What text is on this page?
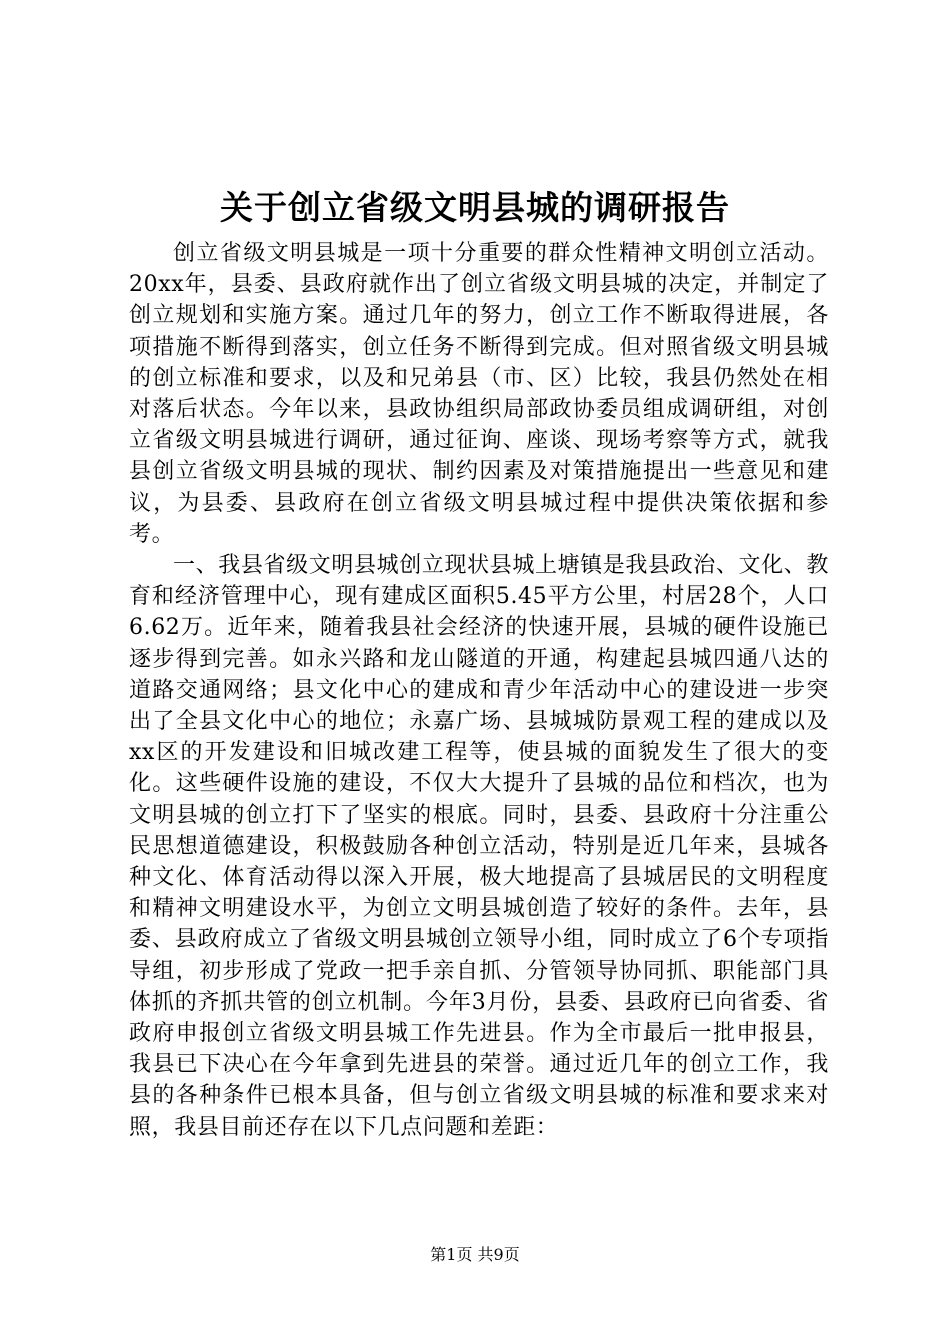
关于创立省级文明县城的调研报告

创立省级文明县城是一项十分重要的群众性精神文明创立活动。20xx年，县委、县政府就作出了创立省级文明县城的决定，并制定了创立规划和实施方案。通过几年的努力，创立工作不断取得进展，各项措施不断得到落实，创立任务不断得到完成。但对照省级文明县城的创立标准和要求，以及和兄弟县（市、区）比较，我县仍然处在相对落后状态。今年以来，县政协组织局部政协委员组成调研组，对创立省级文明县城进行调研，通过征询、座谈、现场考察等方式，就我县创立省级文明县城的现状、制约因素及对策措施提出一些意见和建议，为县委、县政府在创立省级文明县城过程中提供决策依据和参考。

一、我县省级文明县城创立现状县城上塘镇是我县政治、文化、教育和经济管理中心，现有建成区面积5.45平方公里，村居28个，人口6.62万。近年来，随着我县社会经济的快速开展，县城的硬件设施已逐步得到完善。如永兴路和龙山隧道的开通，构建起县城四通八达的道路交通网络；县文化中心的建成和青少年活动中心的建设进一步突出了全县文化中心的地位；永嘉广场、县城城防景观工程的建成以及xx区的开发建设和旧城改建工程等，使县城的面貌发生了很大的变化。这些硬件设施的建设，不仅大大提升了县城的品位和档次，也为文明县城的创立打下了坚实的根底。同时，县委、县政府十分注重公民思想道德建设，积极鼓励各种创立活动，特别是近几年来，县城各种文化、体育活动得以深入开展，极大地提高了县城居民的文明程度和精神文明建设水平，为创立文明县城创造了较好的条件。去年，县委、县政府成立了省级文明县城创立领导小组，同时成立了6个专项指导组，初步形成了党政一把手亲自抓、分管领导协同抓、职能部门具体抓的齐抓共管的创立机制。今年3月份，县委、县政府已向省委、省政府申报创立省级文明县城工作先进县。作为全市最后一批申报县，我县已下决心在今年拿到先进县的荣誉。通过近几年的创立工作，我县的各种条件已根本具备，但与创立省级文明县城的标准和要求来对照，我县目前还存在以下几点问题和差距：

第1页 共9页
